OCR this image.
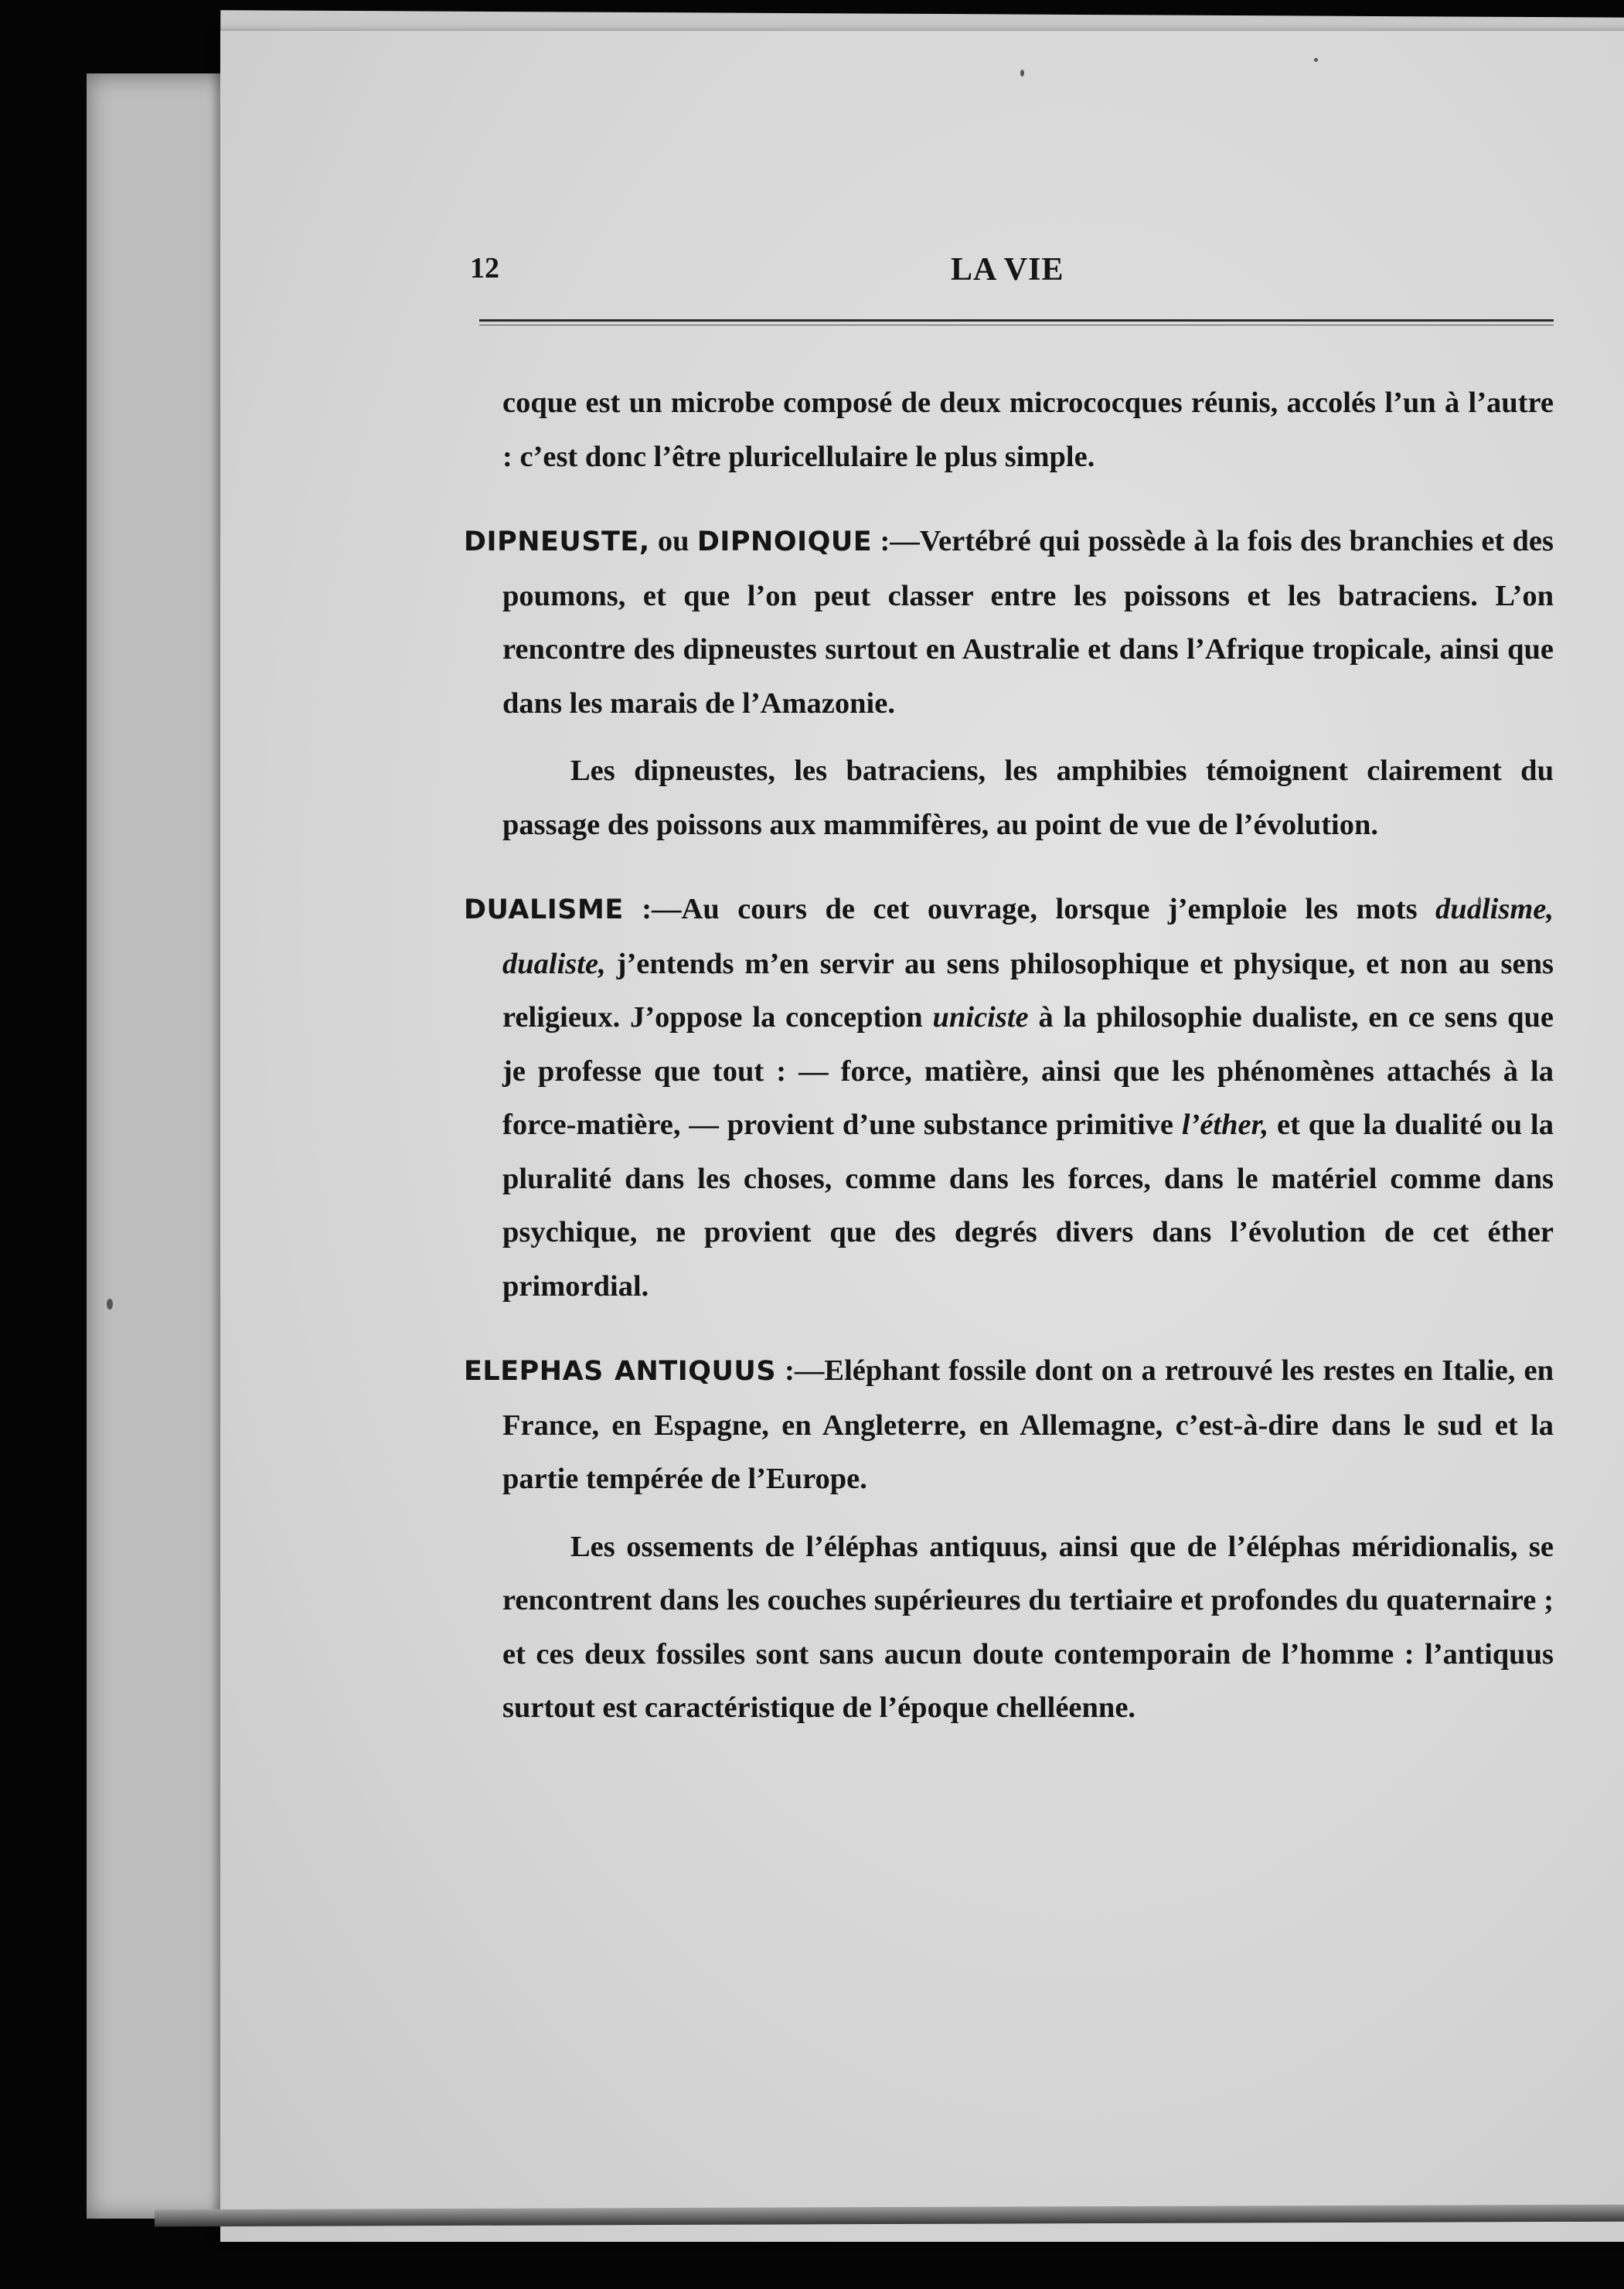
12	LA VIE

coque est un microbe composé de deux micrococques réunis, accolés l’un à l’autre : c’est donc l’être pluricellulaire le plus simple.

DIPNEUSTE, ou DIPNOIQUE :—Vertébré qui possède à la fois des branchies et des poumons, et que l’on peut classer entre les poissons et les batraciens. L’on rencontre des dipneustes surtout en Australie et dans l’Afrique tropicale, ainsi que dans les marais de l’Amazonie.

Les dipneustes, les batraciens, les amphibies témoignent clairement du passage des poissons aux mammifères, au point de vue de l’évolution.

DUALISME :—Au cours de cet ouvrage, lorsque j’emploie les mots dualisme, dualiste, j’entends m’en servir au sens philosophique et physique, et non au sens religieux. J’oppose la conception uniciste à la philosophie dualiste, en ce sens que je professe que tout : — force, matière, ainsi que les phénomènes attachés à la force-matière, — provient d’une substance primitive l’éther, et que la dualité ou la pluralité dans les choses, comme dans les forces, dans le matériel comme dans psychique, ne provient que des degrés divers dans l’évolution de cet éther primordial.

ELEPHAS ANTIQUUS :—Eléphant fossile dont on a retrouvé les restes en Italie, en France, en Espagne, en Angleterre, en Allemagne, c’est-à-dire dans le sud et la partie tempérée de l’Europe.

Les ossements de l’éléphas antiquus, ainsi que de l’éléphas méridionalis, se rencontrent dans les couches supérieures du tertiaire et profondes du quaternaire ; et ces deux fossiles sont sans aucun doute contemporain de l’homme : l’antiquus surtout est caractéristique de l’époque chelléenne.
